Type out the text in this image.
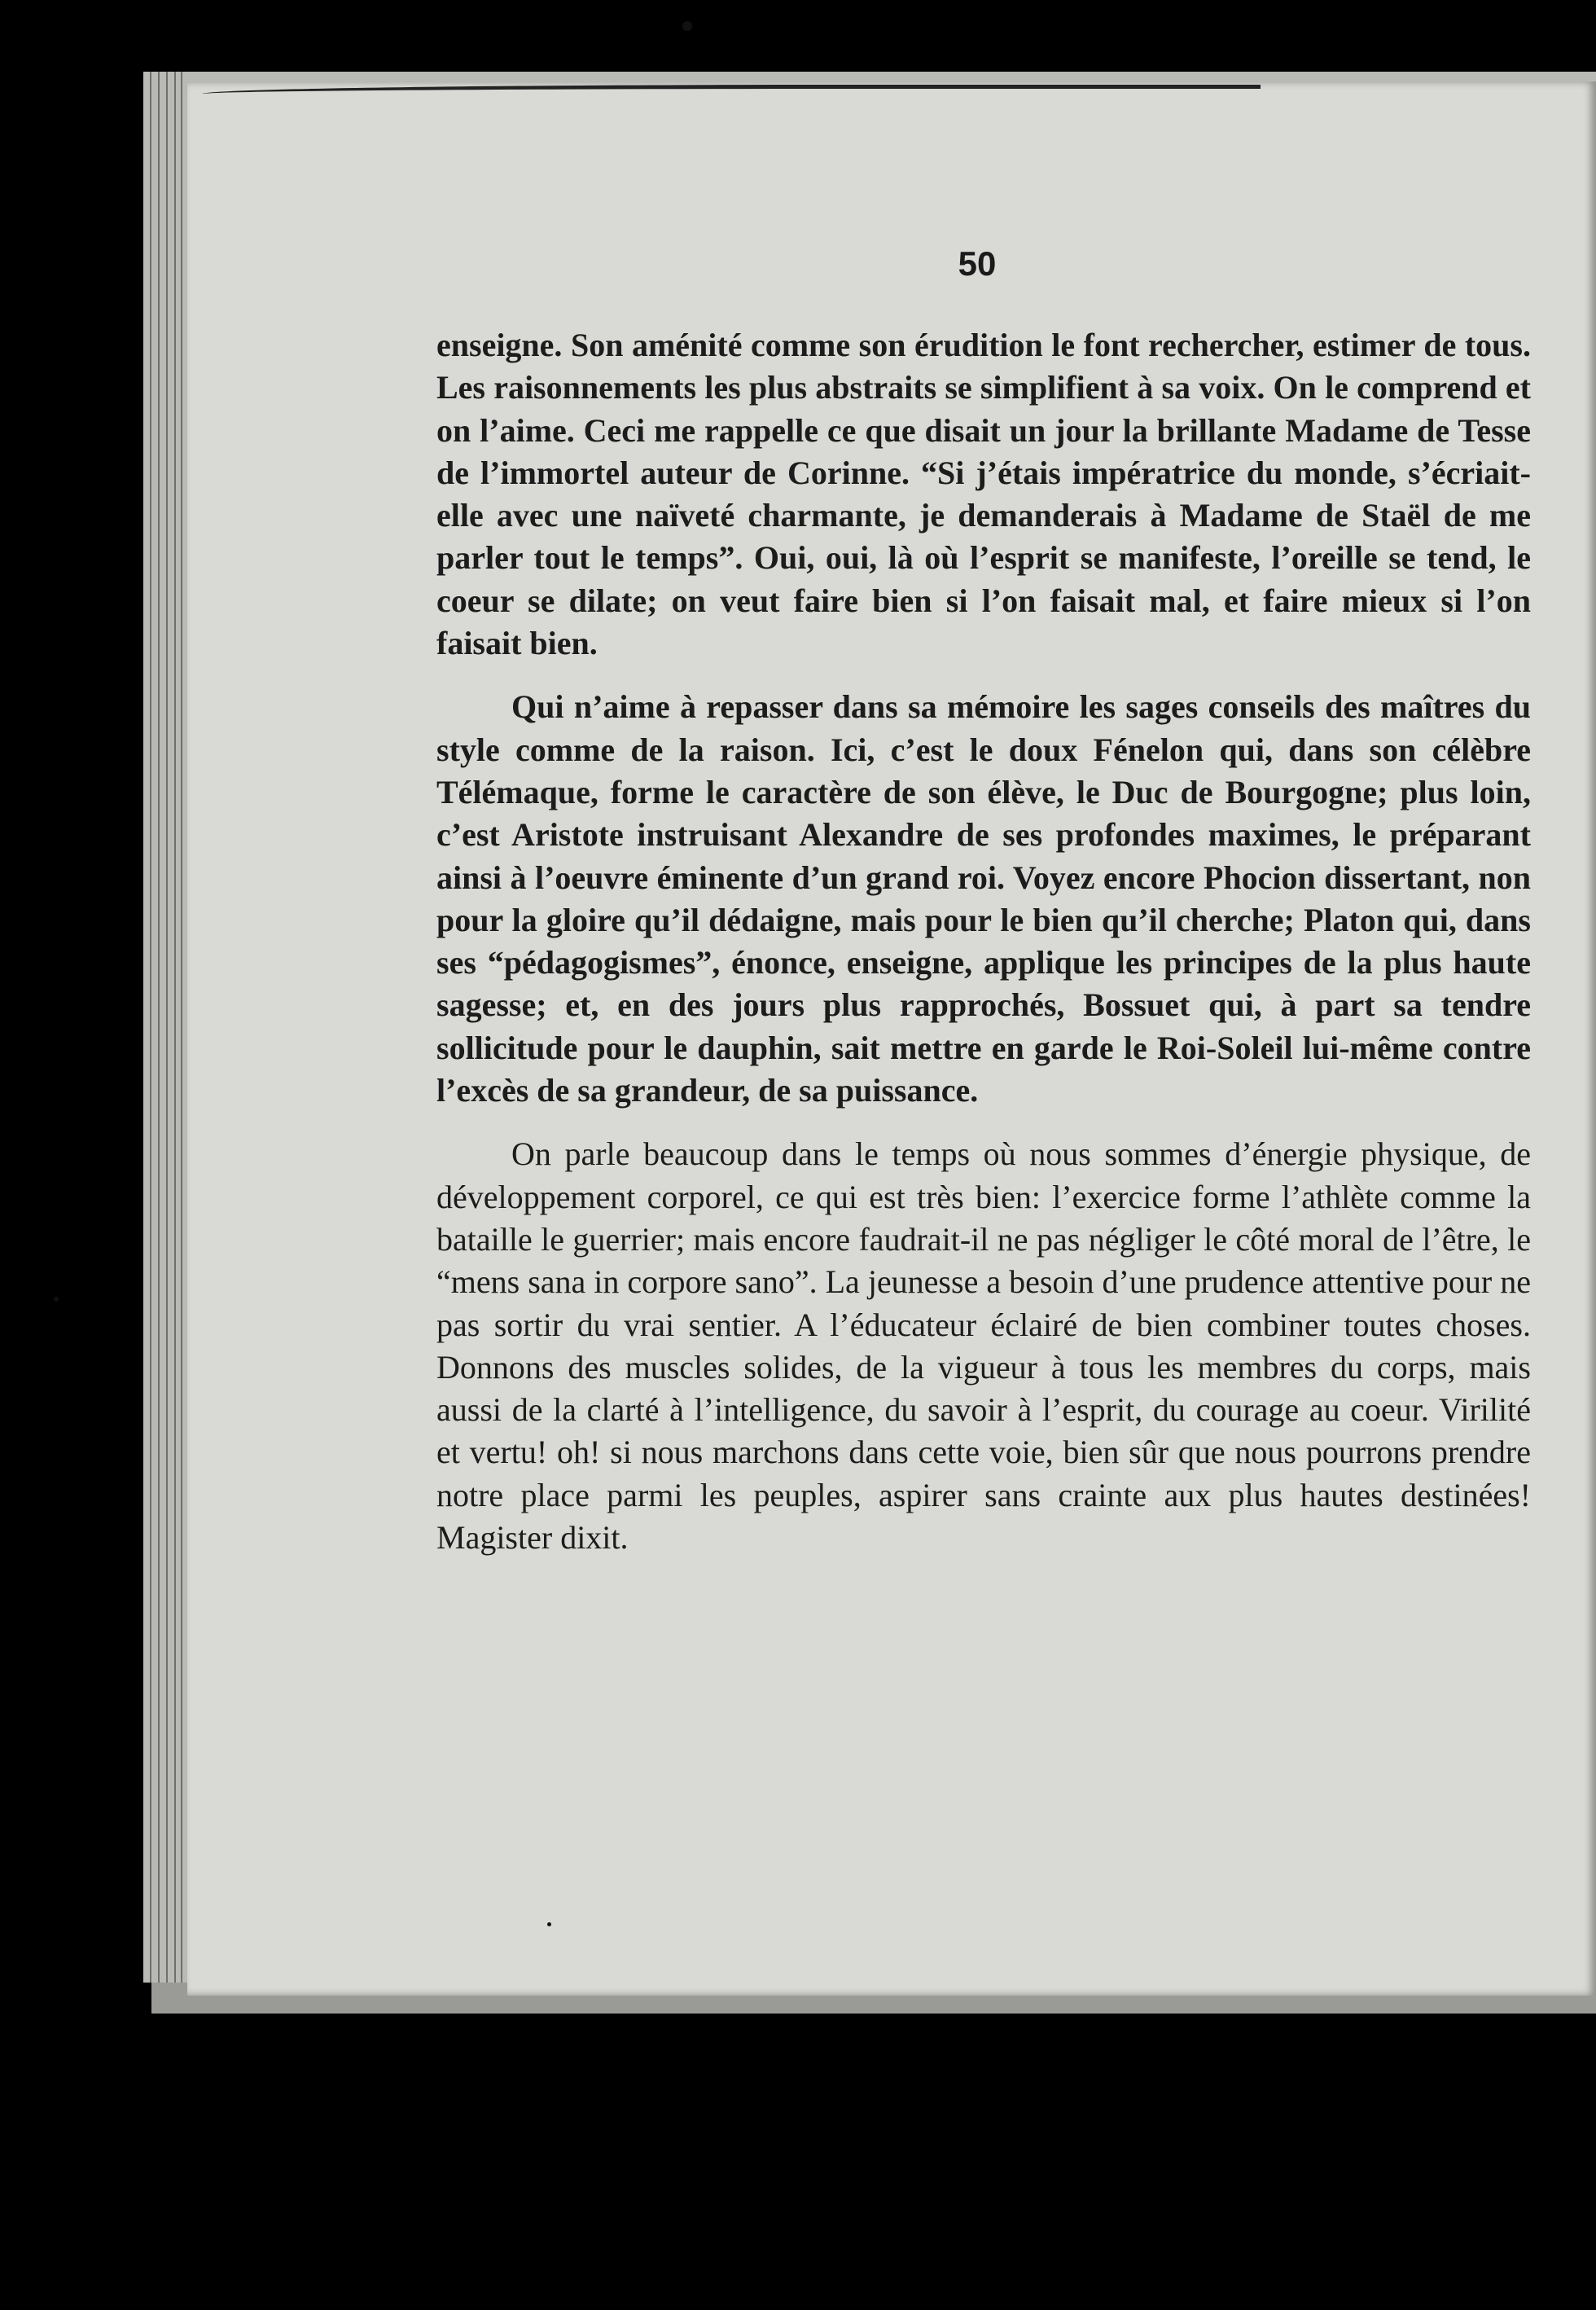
50

enseigne. Son aménité comme son érudition le font rechercher, estimer de tous. Les raisonnements les plus abstraits se simplifient à sa voix. On le comprend et on l’aime. Ceci me rappelle ce que disait un jour la brillante Madame de Tesse de l’immortel auteur de Corinne. “Si j’étais impératrice du monde, s’écriait-elle avec une naïveté charmante, je demanderais à Madame de Staël de me parler tout le temps”. Oui, oui, là où l’esprit se manifeste, l’oreille se tend, le coeur se dilate; on veut faire bien si l’on faisait mal, et faire mieux si l’on faisait bien.

Qui n’aime à repasser dans sa mémoire les sages conseils des maîtres du style comme de la raison. Ici, c’est le doux Fénelon qui, dans son célèbre Télémaque, forme le caractère de son élève, le Duc de Bourgogne; plus loin, c’est Aristote instruisant Alexandre de ses profondes maximes, le préparant ainsi à l’oeuvre éminente d’un grand roi. Voyez encore Phocion dissertant, non pour la gloire qu’il dédaigne, mais pour le bien qu’il cherche; Platon qui, dans ses “pédagogismes”, énonce, enseigne, applique les principes de la plus haute sagesse; et, en des jours plus rapprochés, Bossuet qui, à part sa tendre sollicitude pour le dauphin, sait mettre en garde le Roi-Soleil lui-même contre l’excès de sa grandeur, de sa puissance.

On parle beaucoup dans le temps où nous sommes d’énergie physique, de développement corporel, ce qui est très bien: l’exercice forme l’athlète comme la bataille le guerrier; mais encore faudrait-il ne pas négliger le côté moral de l’être, le “mens sana in corpore sano”. La jeunesse a besoin d’une prudence attentive pour ne pas sortir du vrai sentier. A l’éducateur éclairé de bien combiner toutes choses. Donnons des muscles solides, de la vigueur à tous les membres du corps, mais aussi de la clarté à l’intelligence, du savoir à l’esprit, du courage au coeur. Virilité et vertu! oh! si nous marchons dans cette voie, bien sûr que nous pourrons prendre notre place parmi les peuples, aspirer sans crainte aux plus hautes destinées! Magister dixit.
